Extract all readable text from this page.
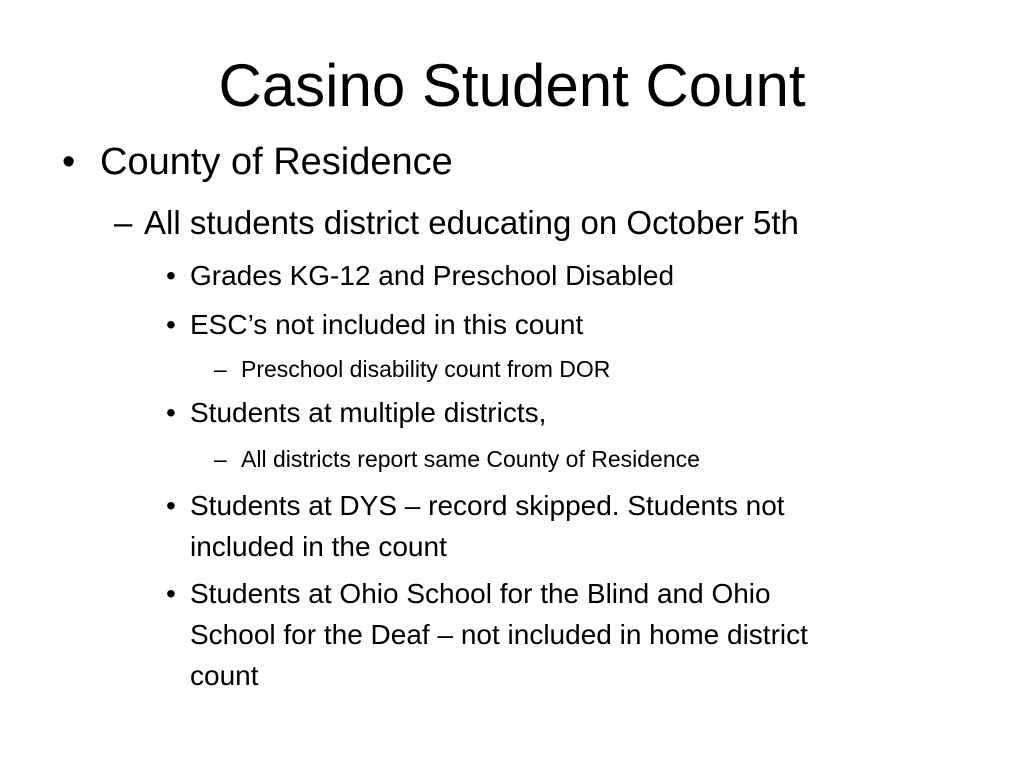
Casino Student Count
• County of Residence
– All students district educating on October 5th
• Grades KG-12 and Preschool Disabled
• ESC’s not included in this count
– Preschool disability count from DOR
• Students at multiple districts,
– All districts report same County of Residence
• Students at DYS – record skipped. Students not
included in the count
• Students at Ohio School for the Blind and Ohio
School for the Deaf – not included in home district
count
